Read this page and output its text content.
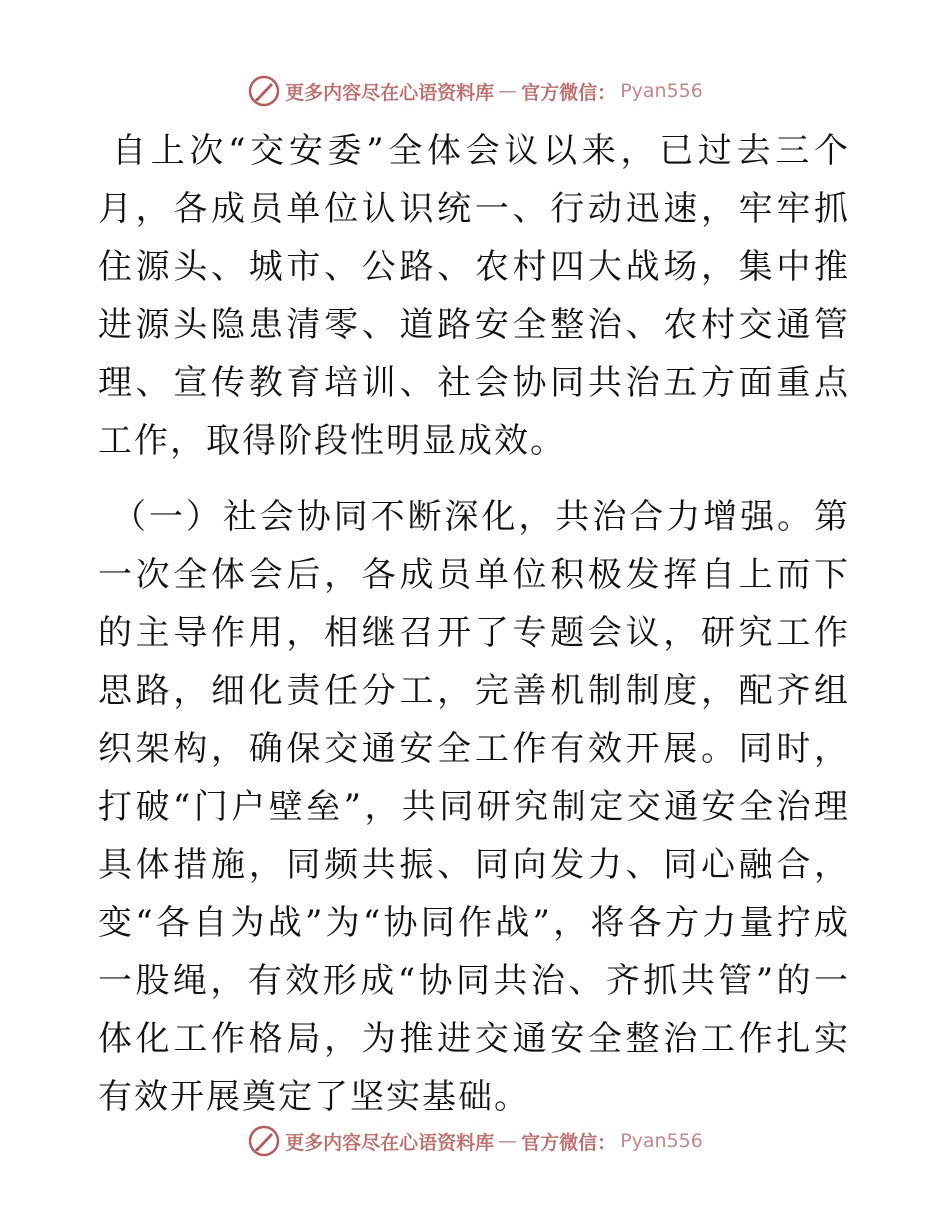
更多内容尽在心语资料库 — 官方微信： Pyan556

自上次“交安委”全体会议以来，已过去三个月，各成员单位认识统一、行动迅速，牢牢抓住源头、城市、公路、农村四大战场，集中推进源头隐患清零、道路安全整治、农村交通管理、宣传教育培训、社会协同共治五方面重点工作，取得阶段性明显成效。

（一）社会协同不断深化，共治合力增强。第一次全体会后，各成员单位积极发挥自上而下的主导作用，相继召开了专题会议，研究工作思路，细化责任分工，完善机制制度，配齐组织架构，确保交通安全工作有效开展。同时，打破“门户壁垒”，共同研究制定交通安全治理具体措施，同频共振、同向发力、同心融合，变“各自为战”为“协同作战”，将各方力量拧成一股绳，有效形成“协同共治、齐抓共管”的一体化工作格局，为推进交通安全整治工作扎实有效开展奠定了坚实基础。

更多内容尽在心语资料库 — 官方微信： Pyan556
